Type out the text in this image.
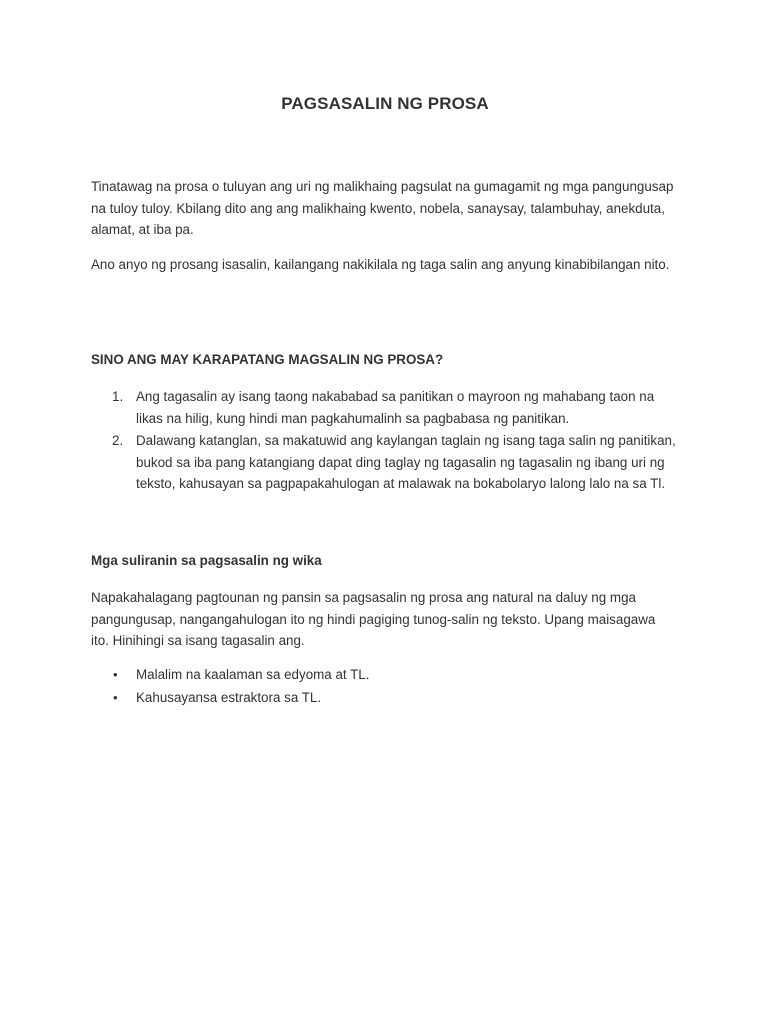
PAGSASALIN NG PROSA

Tinatawag na prosa o tuluyan ang uri ng malikhaing pagsulat na gumagamit ng mga pangungusap na tuloy tuloy. Kbilang dito ang ang malikhaing kwento, nobela, sanaysay, talambuhay, anekduta, alamat, at iba pa.

Ano anyo ng prosang isasalin, kailangang nakikilala ng taga salin ang anyung kinabibilangan nito.

SINO ANG MAY KARAPATANG MAGSALIN NG PROSA?

1. Ang tagasalin ay isang taong nakababad sa panitikan o mayroon ng mahabang taon na likas na hilig, kung hindi man pagkahumalinh sa pagbabasa ng panitikan.
2. Dalawang katanglan, sa makatuwid ang kaylangan taglain ng isang taga salin ng panitikan, bukod sa iba pang katangiang dapat ding taglay ng tagasalin ng tagasalin ng ibang uri ng teksto, kahusayan sa pagpapakahulogan at malawak na bokabolaryo lalong lalo na sa Tl.

Mga suliranin sa pagsasalin ng wika

Napakahalagang pagtounan ng pansin sa pagsasalin ng prosa ang natural na daluy ng mga pangungusap, nangangahulogan ito ng hindi pagiging tunog-salin ng teksto. Upang maisagawa ito. Hinihingi sa isang tagasalin ang.

• Malalim na kaalaman sa edyoma at TL.
• Kahusayansa estraktora sa TL.
